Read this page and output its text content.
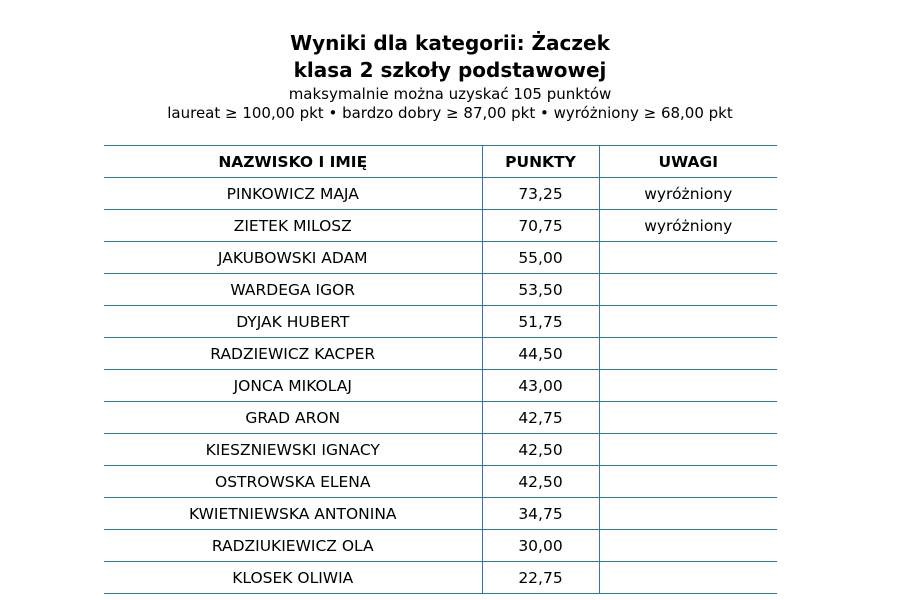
Wyniki dla kategorii: Żaczek
klasa 2 szkoły podstawowej
maksymalnie można uzyskać 105 punktów
laureat ≥ 100,00 pkt • bardzo dobry ≥ 87,00 pkt • wyróżniony ≥ 68,00 pkt
NAZWISKO I IMIĘ	PUNKTY	UWAGI
PINKOWICZ MAJA	73,25	wyróżniony
ZIETEK MILOSZ	70,75	wyróżniony
JAKUBOWSKI ADAM	55,00	
WARDEGA IGOR	53,50	
DYJAK HUBERT	51,75	
RADZIEWICZ KACPER	44,50	
JONCA MIKOLAJ	43,00	
GRAD ARON	42,75	
KIESZNIEWSKI IGNACY	42,50	
OSTROWSKA ELENA	42,50	
KWIETNIEWSKA ANTONINA	34,75	
RADZIUKIEWICZ OLA	30,00	
KLOSEK OLIWIA	22,75	
